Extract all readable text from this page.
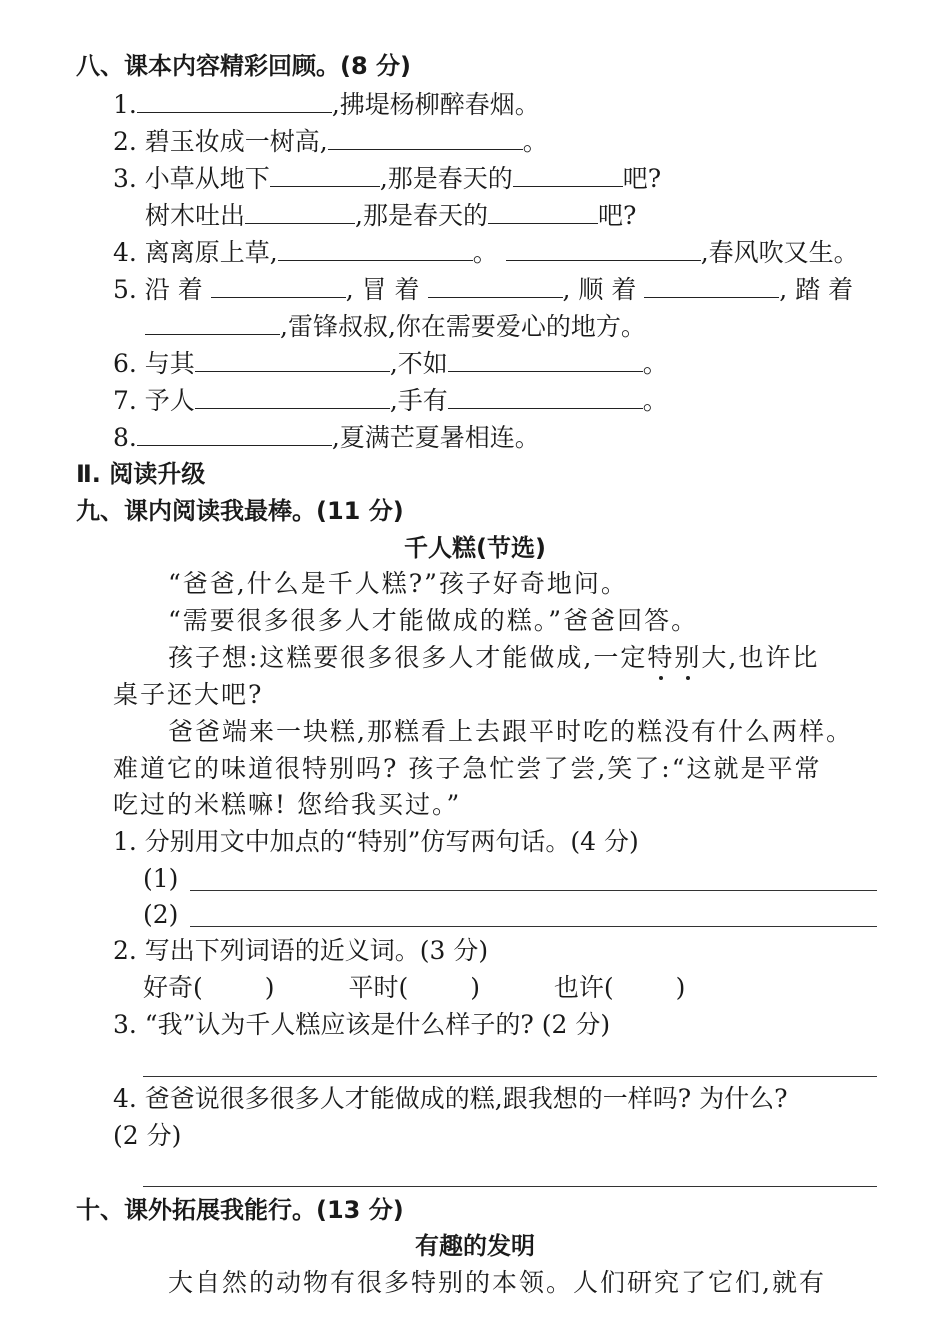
八、课本内容精彩回顾。(8 分)
1.	,拂堤杨柳醉春烟。
2. 碧玉妆成一树高,	。
3. 小草从地下	,那是春天的	吧?
树木吐出	,那是春天的	吧?
4. 离离原上草,	。	,春风吹又生。
5. 沿 着	, 冒 着	, 顺 着	, 踏 着
,雷锋叔叔,你在需要爱心的地方。
6. 与其	,不如	。
7. 予人	,手有	。
8.	,夏满芒夏暑相连。
Ⅱ. 阅读升级
九、课内阅读我最棒。(11 分)
千人糕(节选)
“爸爸,什么是千人糕?”孩子好奇地问。
“需要很多很多人才能做成的糕。”爸爸回答。
孩子想:这糕要很多很多人才能做成,一定特别大,也许比
桌子还大吧?
爸爸端来一块糕,那糕看上去跟平时吃的糕没有什么两样。
难道它的味道很特别吗? 孩子急忙尝了尝,笑了:“这就是平常
吃过的米糕嘛! 您给我买过。”
1. 分别用文中加点的“特别”仿写两句话。(4 分)
(1)
(2)
2. 写出下列词语的近义词。(3 分)
好奇( )	平时( )	也许( )
3. “我”认为千人糕应该是什么样子的? (2 分)
4. 爸爸说很多很多人才能做成的糕,跟我想的一样吗? 为什么?
(2 分)
十、课外拓展我能行。(13 分)
有趣的发明
大自然的动物有很多特别的本领。人们研究了它们,就有
